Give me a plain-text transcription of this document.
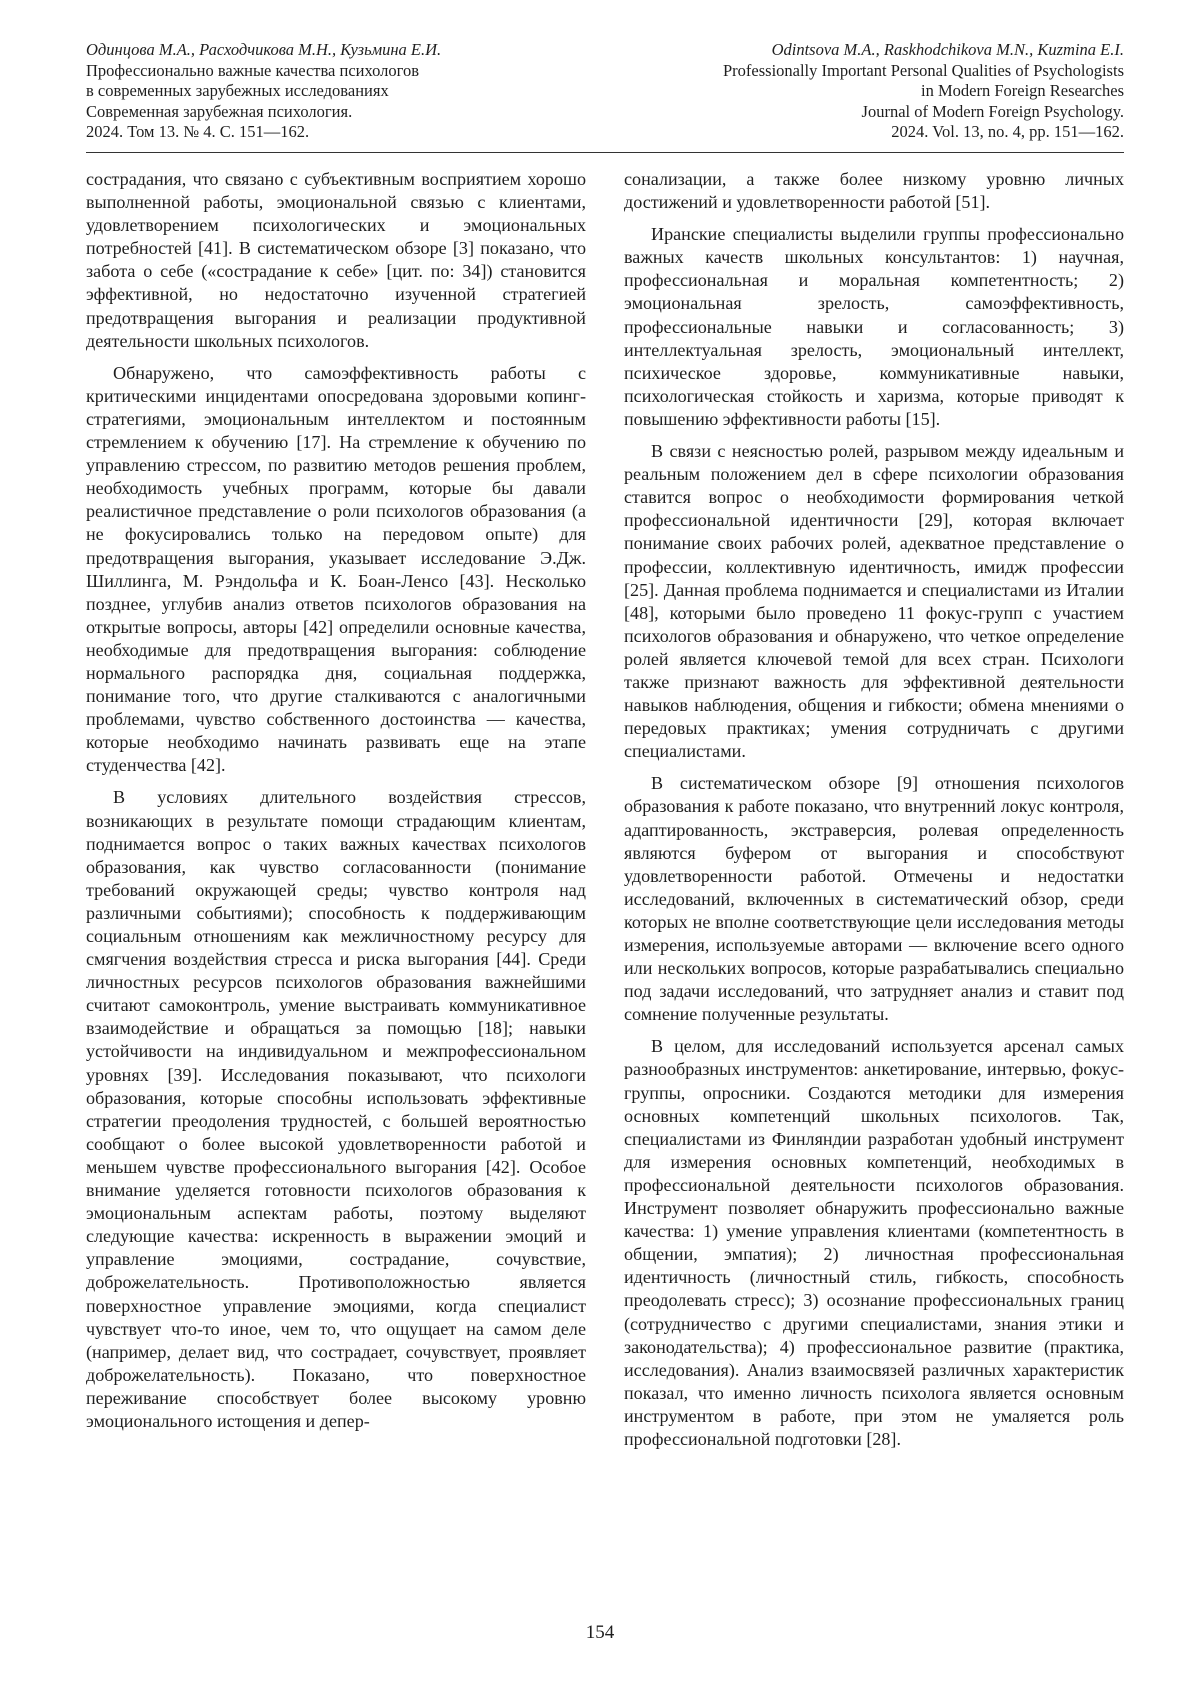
Одинцова М.А., Расходчикова М.Н., Кузьмина Е.И.
Профессионально важные качества психологов
в современных зарубежных исследованиях
Современная зарубежная психология.
2024. Том 13. № 4. С. 151—162.
Odintsova M.A., Raskhodchikova M.N., Kuzmina E.I.
Professionally Important Personal Qualities of Psychologists
in Modern Foreign Researches
Journal of Modern Foreign Psychology.
2024. Vol. 13, no. 4, pp. 151—162.

сострадания, что связано с субъективным восприятием хорошо выполненной работы, эмоциональной связью с клиентами, удовлетворением психологических и эмоциональных потребностей [41]. В систематическом обзоре [3] показано, что забота о себе («сострадание к себе» [цит. по: 34]) становится эффективной, но недостаточно изученной стратегией предотвращения выгорания и реализации продуктивной деятельности школьных психологов.

Обнаружено, что самоэффективность работы с критическими инцидентами опосредована здоровыми копинг-стратегиями, эмоциональным интеллектом и постоянным стремлением к обучению [17]. На стремление к обучению по управлению стрессом, по развитию методов решения проблем, необходимость учебных программ, которые бы давали реалистичное представление о роли психологов образования (а не фокусировались только на передовом опыте) для предотвращения выгорания, указывает исследование Э.Дж. Шиллинга, М. Рэндольфа и К. Боан-Ленсо [43]. Несколько позднее, углубив анализ ответов психологов образования на открытые вопросы, авторы [42] определили основные качества, необходимые для предотвращения выгорания: соблюдение нормального распорядка дня, социальная поддержка, понимание того, что другие сталкиваются с аналогичными проблемами, чувство собственного достоинства — качества, которые необходимо начинать развивать еще на этапе студенчества [42].

В условиях длительного воздействия стрессов, возникающих в результате помощи страдающим клиентам, поднимается вопрос о таких важных качествах психологов образования, как чувство согласованности (понимание требований окружающей среды; чувство контроля над различными событиями); способность к поддерживающим социальным отношениям как межличностному ресурсу для смягчения воздействия стресса и риска выгорания [44]. Среди личностных ресурсов психологов образования важнейшими считают самоконтроль, умение выстраивать коммуникативное взаимодействие и обращаться за помощью [18]; навыки устойчивости на индивидуальном и межпрофессиональном уровнях [39]. Исследования показывают, что психологи образования, которые способны использовать эффективные стратегии преодоления трудностей, с большей вероятностью сообщают о более высокой удовлетворенности работой и меньшем чувстве профессионального выгорания [42]. Особое внимание уделяется готовности психологов образования к эмоциональным аспектам работы, поэтому выделяют следующие качества: искренность в выражении эмоций и управление эмоциями, сострадание, сочувствие, доброжелательность. Противоположностью является поверхностное управление эмоциями, когда специалист чувствует что-то иное, чем то, что ощущает на самом деле (например, делает вид, что сострадает, сочувствует, проявляет доброжелательность). Показано, что поверхностное переживание способствует более высокому уровню эмоционального истощения и депер-

сонализации, а также более низкому уровню личных достижений и удовлетворенности работой [51].

Иранские специалисты выделили группы профессионально важных качеств школьных консультантов: 1) научная, профессиональная и моральная компетентность; 2) эмоциональная зрелость, самоэффективность, профессиональные навыки и согласованность; 3) интеллектуальная зрелость, эмоциональный интеллект, психическое здоровье, коммуникативные навыки, психологическая стойкость и харизма, которые приводят к повышению эффективности работы [15].

В связи с неясностью ролей, разрывом между идеальным и реальным положением дел в сфере психологии образования ставится вопрос о необходимости формирования четкой профессиональной идентичности [29], которая включает понимание своих рабочих ролей, адекватное представление о профессии, коллективную идентичность, имидж профессии [25]. Данная проблема поднимается и специалистами из Италии [48], которыми было проведено 11 фокус-групп с участием психологов образования и обнаружено, что четкое определение ролей является ключевой темой для всех стран. Психологи также признают важность для эффективной деятельности навыков наблюдения, общения и гибкости; обмена мнениями о передовых практиках; умения сотрудничать с другими специалистами.

В систематическом обзоре [9] отношения психологов образования к работе показано, что внутренний локус контроля, адаптированность, экстраверсия, ролевая определенность являются буфером от выгорания и способствуют удовлетворенности работой. Отмечены и недостатки исследований, включенных в систематический обзор, среди которых не вполне соответствующие цели исследования методы измерения, используемые авторами — включение всего одного или нескольких вопросов, которые разрабатывались специально под задачи исследований, что затрудняет анализ и ставит под сомнение полученные результаты.

В целом, для исследований используется арсенал самых разнообразных инструментов: анкетирование, интервью, фокус-группы, опросники. Создаются методики для измерения основных компетенций школьных психологов. Так, специалистами из Финляндии разработан удобный инструмент для измерения основных компетенций, необходимых в профессиональной деятельности психологов образования. Инструмент позволяет обнаружить профессионально важные качества: 1) умение управления клиентами (компетентность в общении, эмпатия); 2) личностная профессиональная идентичность (личностный стиль, гибкость, способность преодолевать стресс); 3) осознание профессиональных границ (сотрудничество с другими специалистами, знания этики и законодательства); 4) профессиональное развитие (практика, исследования). Анализ взаимосвязей различных характеристик показал, что именно личность психолога является основным инструментом в работе, при этом не умаляется роль профессиональной подготовки [28].

154
